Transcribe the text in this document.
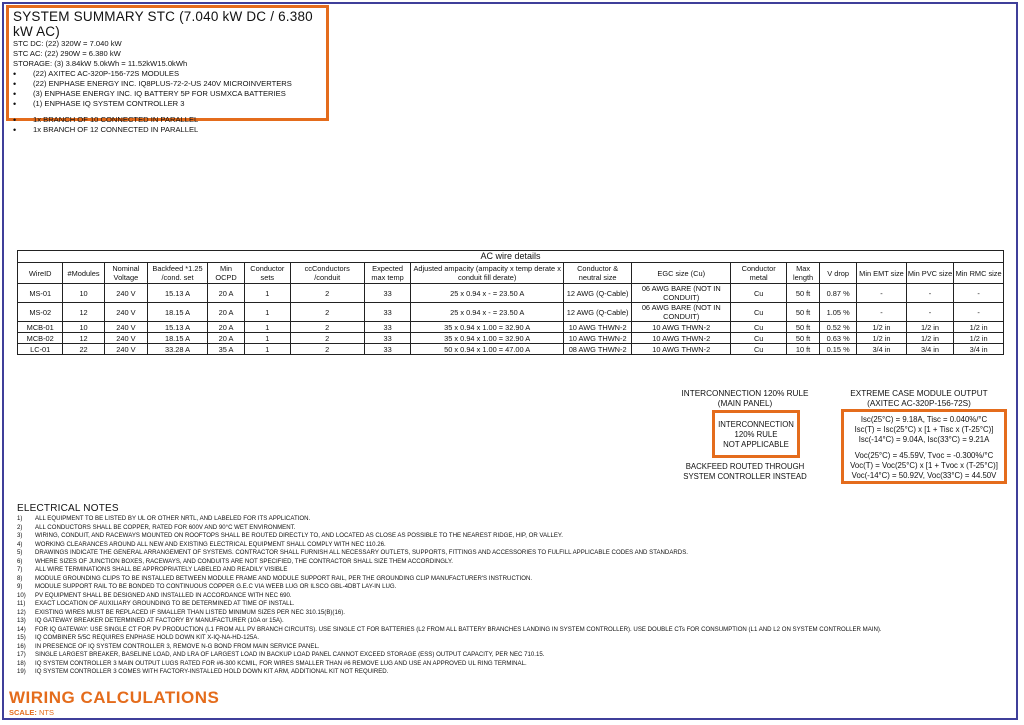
SYSTEM SUMMARY STC (7.040 kW DC / 6.380 kW AC)
STC DC: (22) 320W = 7.040 kW
STC AC: (22) 290W = 6.380 kW
STORAGE: (3) 3.84kW 5.0kWh = 11.52kW15.0kWh
• (22) AXITEC AC-320P-156-72S MODULES
• (22) ENPHASE ENERGY INC. IQ8PLUS-72-2-US 240V MICROINVERTERS
• (3) ENPHASE ENERGY INC. IQ BATTERY 5P FOR USMXCA BATTERIES
• (1) ENPHASE IQ SYSTEM CONTROLLER 3
• 1x BRANCH OF 10 CONNECTED IN PARALLEL
• 1x BRANCH OF 12 CONNECTED IN PARALLEL
AC wire details																
WireID	#Modules	Nominal Voltage	Backfeed *1.25 /cond. set	Min OCPD	Conductor sets	ccConductors /conduit	Expected max temp	Adjusted ampacity (ampacity x temp derate x conduit fill derate)	Conductor & neutral size	EGC size (Cu)	Conductor metal	Max length	V drop	Min EMT size	Min PVC size	Min RMC size
MS-01	10	240 V	15.13 A	20 A	1	2	33	25 x 0.94 x - = 23.50 A	12 AWG (Q-Cable)	06 AWG BARE (NOT IN CONDUIT)	Cu	50 ft	0.87 %	-	-	-
MS-02	12	240 V	18.15 A	20 A	1	2	33	25 x 0.94 x - = 23.50 A	12 AWG (Q-Cable)	06 AWG BARE (NOT IN CONDUIT)	Cu	50 ft	1.05 %	-	-	-
MCB-01	10	240 V	15.13 A	20 A	1	2	33	35 x 0.94 x 1.00 = 32.90 A	10 AWG THWN-2	10 AWG THWN-2	Cu	50 ft	0.52 %	1/2 in	1/2 in	1/2 in
MCB-02	12	240 V	18.15 A	20 A	1	2	33	35 x 0.94 x 1.00 = 32.90 A	10 AWG THWN-2	10 AWG THWN-2	Cu	50 ft	0.63 %	1/2 in	1/2 in	1/2 in
LC-01	22	240 V	33.28 A	35 A	1	2	33	50 x 0.94 x 1.00 = 47.00 A	08 AWG THWN-2	10 AWG THWN-2	Cu	10 ft	0.15 %	3/4 in	3/4 in	3/4 in
INTERCONNECTION 120% RULE
(MAIN PANEL)
INTERCONNECTION
120% RULE
NOT APPLICABLE
BACKFEED ROUTED THROUGH
SYSTEM CONTROLLER INSTEAD
EXTREME CASE MODULE OUTPUT
(AXITEC AC-320P-156-72S)
Isc(25°C) = 9.18A, Tisc = 0.040%/°C
Isc(T) = Isc(25°C) x [1 + Tisc x (T-25°C)]
Isc(-14°C) = 9.04A, Isc(33°C) = 9.21A
Voc(25°C) = 45.59V, Tvoc = -0.300%/°C
Voc(T) = Voc(25°C) x [1 + Tvoc x (T-25°C)]
Voc(-14°C) = 50.92V, Voc(33°C) = 44.50V
ELECTRICAL NOTES
1) ALL EQUIPMENT TO BE LISTED BY UL OR OTHER NRTL, AND LABELED FOR ITS APPLICATION.
2) ALL CONDUCTORS SHALL BE COPPER, RATED FOR 600V AND 90°C WET ENVIRONMENT.
3) WIRING, CONDUIT, AND RACEWAYS MOUNTED ON ROOFTOPS SHALL BE ROUTED DIRECTLY TO, AND LOCATED AS CLOSE AS POSSIBLE TO THE NEAREST RIDGE, HIP, OR VALLEY.
4) WORKING CLEARANCES AROUND ALL NEW AND EXISTING ELECTRICAL EQUIPMENT SHALL COMPLY WITH NEC 110.26.
5) DRAWINGS INDICATE THE GENERAL ARRANGEMENT OF SYSTEMS. CONTRACTOR SHALL FURNISH ALL NECESSARY OUTLETS, SUPPORTS, FITTINGS AND ACCESSORIES TO FULFILL APPLICABLE CODES AND STANDARDS.
6) WHERE SIZES OF JUNCTION BOXES, RACEWAYS, AND CONDUITS ARE NOT SPECIFIED, THE CONTRACTOR SHALL SIZE THEM ACCORDINGLY.
7) ALL WIRE TERMINATIONS SHALL BE APPROPRIATELY LABELED AND READILY VISIBLE
8) MODULE GROUNDING CLIPS TO BE INSTALLED BETWEEN MODULE FRAME AND MODULE SUPPORT RAIL, PER THE GROUNDING CLIP MANUFACTURER'S INSTRUCTION.
9) MODULE SUPPORT RAIL TO BE BONDED TO CONTINUOUS COPPER G.E.C VIA WEEB LUG OR ILSCO GBL-4DBT LAY-IN LUG.
10) PV EQUIPMENT SHALL BE DESIGNED AND INSTALLED IN ACCORDANCE WITH NEC 690.
11) EXACT LOCATION OF AUXILIARY GROUNDING TO BE DETERMINED AT TIME OF INSTALL.
12) EXISTING WIRES MUST BE REPLACED IF SMALLER THAN LISTED MINIMUM SIZES PER NEC 310.15(B)(16).
13) IQ GATEWAY BREAKER DETERMINED AT FACTORY BY MANUFACTURER (10A or 15A).
14) FOR IQ GATEWAY: USE SINGLE CT FOR PV PRODUCTION (L1 FROM ALL PV BRANCH CIRCUITS). USE SINGLE CT FOR BATTERIES (L2 FROM ALL BATTERY BRANCHES LANDING IN SYSTEM CONTROLLER). USE DOUBLE CTs FOR CONSUMPTION (L1 AND L2 ON SYSTEM CONTROLLER MAIN).
15) IQ COMBINER 5/5C REQUIRES ENPHASE HOLD DOWN KIT X-IQ-NA-HD-125A.
16) IN PRESENCE OF IQ SYSTEM CONTROLLER 3, REMOVE N-G BOND FROM MAIN SERVICE PANEL.
17) SINGLE LARGEST BREAKER, BASELINE LOAD, AND LRA OF LARGEST LOAD IN BACKUP LOAD PANEL CANNOT EXCEED STORAGE (ESS) OUTPUT CAPACITY, PER NEC 710.15.
18) IQ SYSTEM CONTROLLER 3 MAIN OUTPUT LUGS RATED FOR #6-300 KCMIL, FOR WIRES SMALLER THAN #6 REMOVE LUG AND USE AN APPROVED UL RING TERMINAL.
19) IQ SYSTEM CONTROLLER 3 COMES WITH FACTORY-INSTALLED HOLD DOWN KIT ARM, ADDITIONAL KIT NOT REQUIRED.
WIRING CALCULATIONS
SCALE: NTS
